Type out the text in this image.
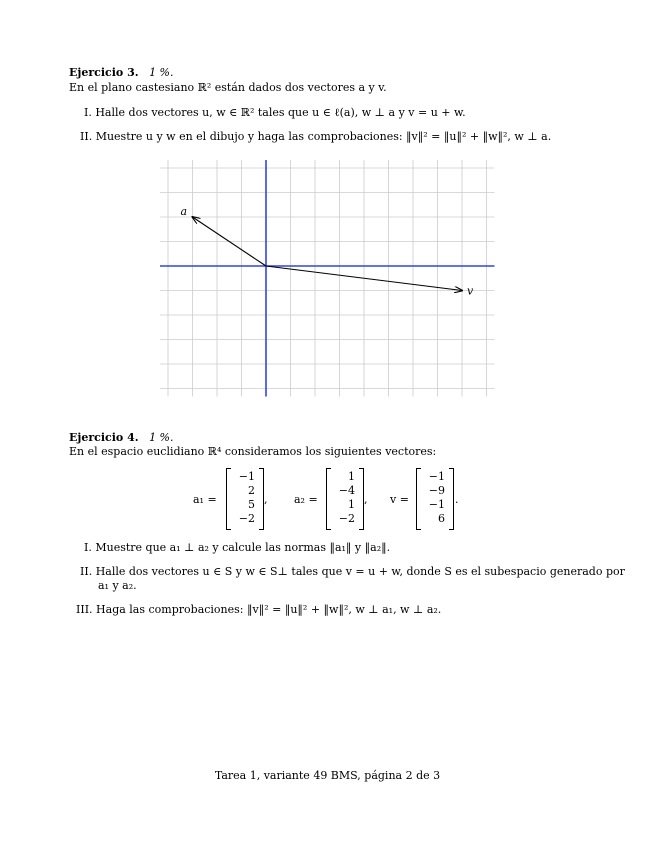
Ejercicio 3. 1 %.
En el plano castesiano ℝ² están dados dos vectores a y v.
I. Halle dos vectores u, w ∈ ℝ² tales que u ∈ ℓ(a), w ⊥ a y v = u + w.
II. Muestre u y w en el dibujo y haga las comprobaciones: ‖v‖² = ‖u‖² + ‖w‖², w ⊥ a.
a
v
Ejercicio 4. 1 %.
En el espacio euclidiano ℝ⁴ consideramos los siguientes vectores:
a₁ =
−1
2
5
−2
, a₂ =
1
−4
1
−2
, v =
−1
−9
−1
6
.
I. Muestre que a₁ ⊥ a₂ y calcule las normas ‖a₁‖ y ‖a₂‖.
II. Halle dos vectores u ∈ S y w ∈ S⊥ tales que v = u + w, donde S es el subespacio generado por
a₁ y a₂.
III. Haga las comprobaciones: ‖v‖² = ‖u‖² + ‖w‖², w ⊥ a₁, w ⊥ a₂.
Tarea 1, variante 49 BMS, página 2 de 3
